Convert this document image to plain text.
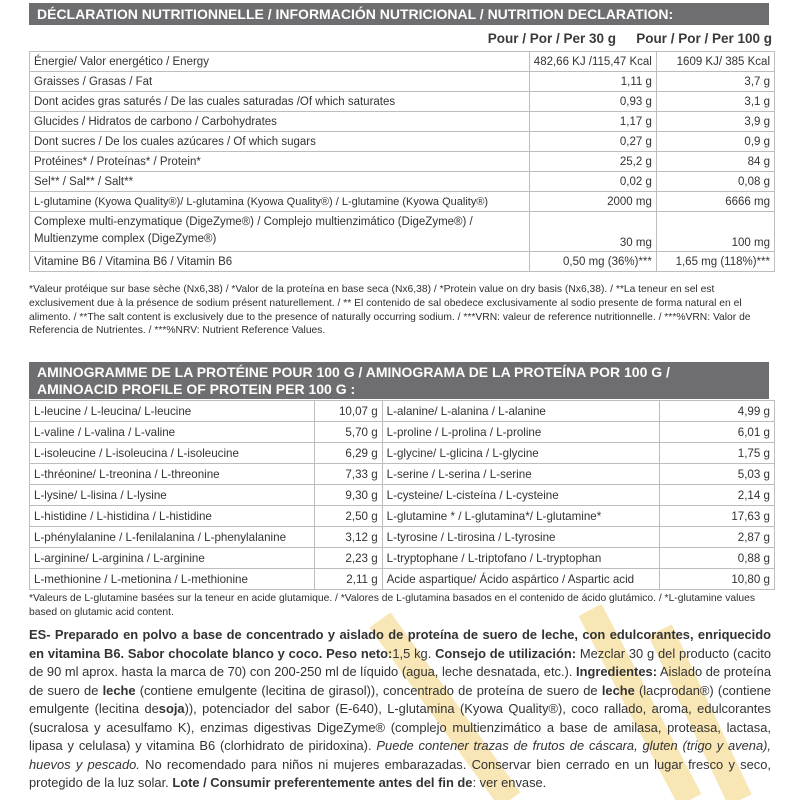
DÉCLARATION NUTRITIONNELLE / INFORMACIÓN NUTRICIONAL / NUTRITION DECLARATION:
Pour / Por / Per 30 g	Pour / Por / Per 100 g
Énergie/ Valor energético / Energy	482,66 KJ /115,47 Kcal	1609 KJ/ 385 Kcal
Graisses / Grasas / Fat	1,11 g	3,7 g
Dont acides gras saturés / De las cuales saturadas /Of which saturates	0,93 g	3,1 g
Glucides / Hidratos de carbono / Carbohydrates	1,17 g	3,9 g
Dont sucres / De los cuales azúcares / Of which sugars	0,27 g	0,9 g
Protéines* / Proteínas* / Protein*	25,2 g	84 g
Sel** / Sal** / Salt**	0,02 g	0,08 g
L-glutamine (Kyowa Quality®)/ L-glutamina (Kyowa Quality®) / L-glutamine (Kyowa Quality®)	2000 mg	6666 mg
Complexe multi-enzymatique (DigeZyme®) / Complejo multienzimático (DigeZyme®) / Multienzyme complex (DigeZyme®)	30 mg	100 mg
Vitamine B6 / Vitamina B6 / Vitamin B6	0,50 mg (36%)***	1,65 mg (118%)***
*Valeur protéique sur base sèche (Nx6,38) / *Valor de la proteína en base seca (Nx6,38) / *Protein value on dry basis (Nx6,38). / **La teneur en sel est exclusivement due à la présence de sodium présent naturellement. / ** El contenido de sal obedece exclusivamente al sodio presente de forma natural en el alimento. / **The salt content is exclusively due to the presence of naturally occurring sodium. / ***VRN: valeur de reference nutritionnelle. / ***%VRN: Valor de Referencia de Nutrientes. / ***%NRV: Nutrient Reference Values.
AMINOGRAMME DE LA PROTÉINE POUR 100 G / AMINOGRAMA DE LA PROTEÍNA POR 100 G /
AMINOACID PROFILE OF PROTEIN PER 100 G :
L-leucine / L-leucina/ L-leucine	10,07 g	L-alanine/ L-alanina / L-alanine	4,99 g
L-valine / L-valina / L-valine	5,70 g	L-proline / L-prolina / L-proline	6,01 g
L-isoleucine / L-isoleucina / L-isoleucine	6,29 g	L-glycine/ L-glicina / L-glycine	1,75 g
L-thréonine/ L-treonina / L-threonine	7,33 g	L-serine / L-serina / L-serine	5,03 g
L-lysine/ L-lisina / L-lysine	9,30 g	L-cysteine/ L-cisteína / L-cysteine	2,14 g
L-histidine / L-histidina / L-histidine	2,50 g	L-glutamine * / L-glutamina*/ L-glutamine*	17,63 g
L-phénylalanine / L-fenilalanina / L-phenylalanine	3,12 g	L-tyrosine / L-tirosina / L-tyrosine	2,87 g
L-arginine/ L-arginina / L-arginine	2,23 g	L-tryptophane / L-triptofano / L-tryptophan	0,88 g
L-methionine / L-metionina / L-methionine	2,11 g	Acide aspartique/ Ácido aspártico / Aspartic acid	10,80 g
*Valeurs de L-glutamine basées sur la teneur en acide glutamique. / *Valores de L-glutamina basados en el contenido de ácido glutámico. / *L-glutamine values based on glutamic acid content.
ES- Preparado en polvo a base de concentrado y aislado de proteína de suero de leche, con edulcorantes, enriquecido en vitamina B6. Sabor chocolate blanco y coco. Peso neto:1,5 kg. Consejo de utilización: Mezclar 30 g del producto (cacito de 90 ml aprox. hasta la marca de 70) con 200-250 ml de líquido (agua, leche desnatada, etc.). Ingredientes: Aislado de proteína de suero de leche (contiene emulgente (lecitina de girasol)), concentrado de proteína de suero de leche (lacprodan®) (contiene emulgente (lecitina desoja)), potenciador del sabor (E-640), L-glutamina (Kyowa Quality®), coco rallado, aroma, edulcorantes (sucralosa y acesulfamo K), enzimas digestivas DigeZyme® (complejo multienzimático a base de amilasa, proteasa, lactasa, lipasa y celulasa) y vitamina B6 (clorhidrato de piridoxina). Puede contener trazas de frutos de cáscara, gluten (trigo y avena), huevos y pescado. No recomendado para niños ni mujeres embarazadas. Conservar bien cerrado en un lugar fresco y seco, protegido de la luz solar. Lote / Consumir preferentemente antes del fin de: ver envase.
